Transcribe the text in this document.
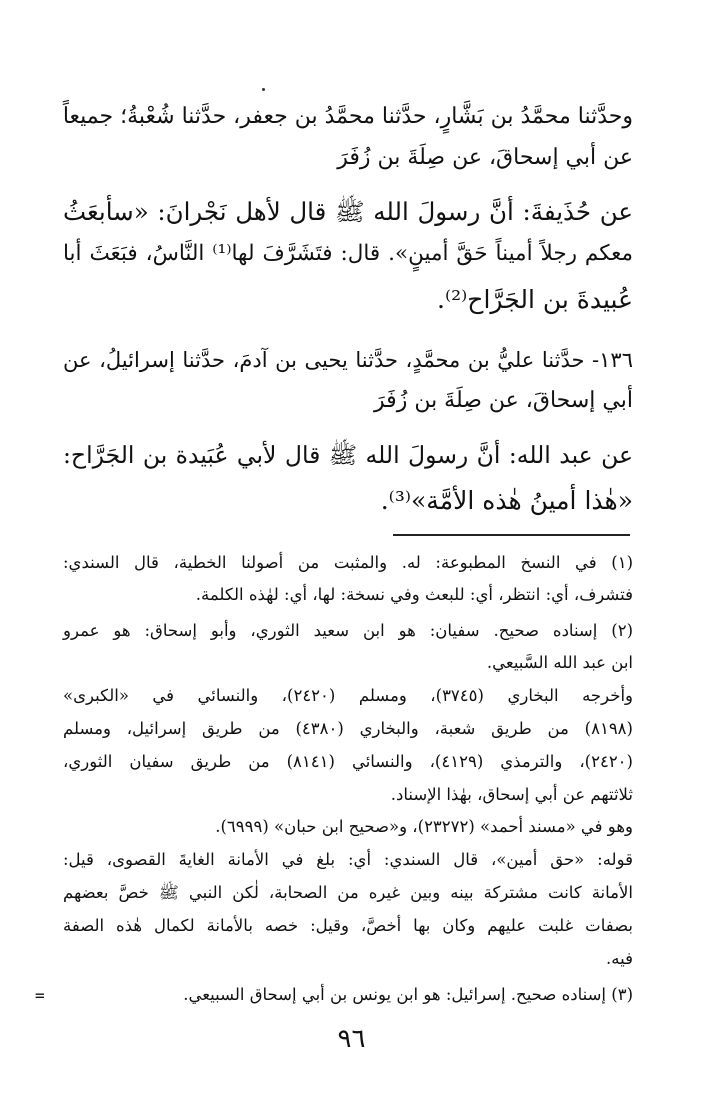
وحدَّثنا محمَّدُ بن بَشَّارٍ، حدَّثنا محمَّدُ بن جعفر، حدَّثنا شُعْبةُ؛ جميعاً
عن أبي إسحاقَ، عن صِلَةَ بن زُفَرَ
عن حُذَيفةَ: أنَّ رسولَ الله ﷺ قال لأهل نَجْرانَ: «سأبعَثُ
معكم رجلاً أميناً حَقَّ أمينٍ». قال: فتَشَرَّفَ لها⁽¹⁾ النَّاسُ، فبَعَثَ أبا
عُبيدةَ بن الجَرَّاح⁽²⁾.
١٣٦- حدَّثنا عليُّ بن محمَّدٍ، حدَّثنا يحيى بن آدمَ، حدَّثنا إسرائيلُ، عن
أبي إسحاقَ، عن صِلَةَ بن زُفَرَ
عن عبد الله: أنَّ رسولَ الله ﷺ قال لأبي عُبَيدة بن الجَرَّاح:
«هٰذا أمينُ هٰذه الأمَّة»⁽³⁾.
(١) في النسخ المطبوعة: له. والمثبت من أصولنا الخطية، قال السندي:
فتشرف، أي: انتظر، أي: للبعث وفي نسخة: لها، أي: لهٰذه الكلمة.
(٢) إسناده صحيح. سفيان: هو ابن سعيد الثوري، وأبو إسحاق: هو عمرو
ابن عبد الله السَّبيعي.
وأخرجه البخاري (٣٧٤٥)، ومسلم (٢٤٢٠)، والنسائي في «الكبرى»
(٨١٩٨) من طريق شعبة، والبخاري (٤٣٨٠) من طريق إسرائيل، ومسلم
(٢٤٢٠)، والترمذي (٤١٢٩)، والنسائي (٨١٤١) من طريق سفيان الثوري،
ثلاثتهم عن أبي إسحاق، بهٰذا الإسناد.
وهو في «مسند أحمد» (٢٣٢٧٢)، و«صحيح ابن حبان» (٦٩٩٩).
قوله: «حق أمين»، قال السندي: أي: بلغ في الأمانة الغايةَ القصوى، قيل:
الأمانة كانت مشتركة بينه وبين غيره من الصحابة، لٰكن النبي ﷺ خصَّ بعضهم
بصفات غلبت عليهم وكان بها أخصَّ، وقيل: خصه بالأمانة لكمال هٰذه الصفة
فيه.
(٣) إسناده صحيح. إسرائيل: هو ابن يونس بن أبي إسحاق السبيعي.
=
٩٦
